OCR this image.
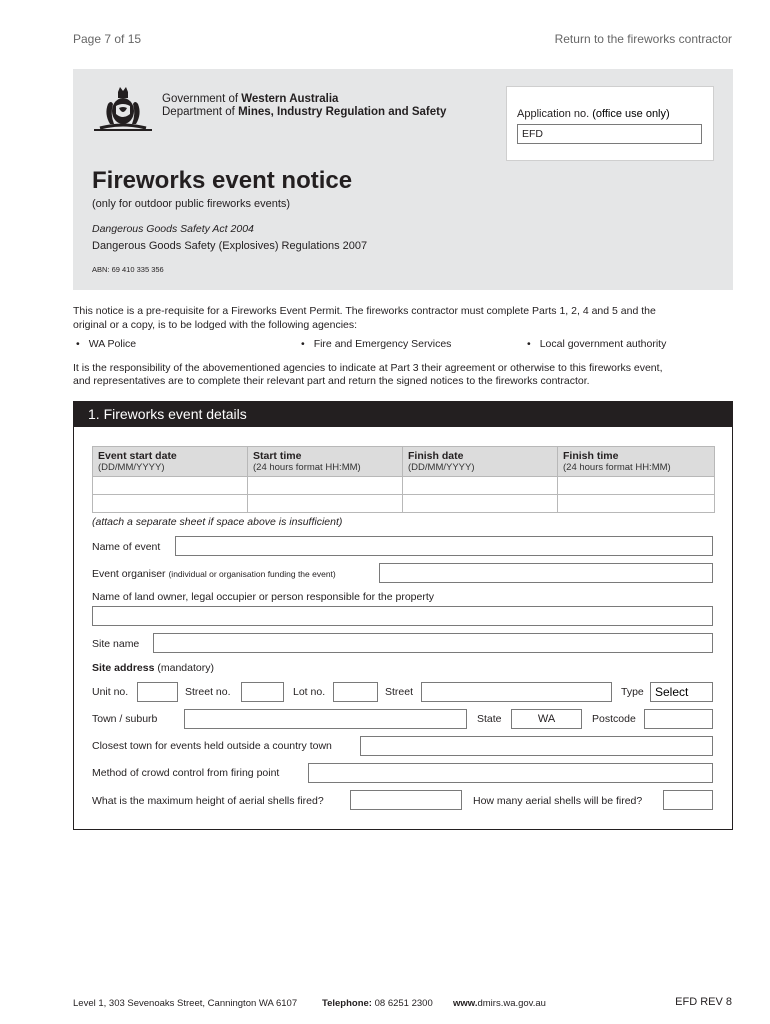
Page 7 of 15	Return to the fireworks contractor
Government of Western Australia
Department of Mines, Industry Regulation and Safety	Application no. (office use only)
EFD
Fireworks event notice
(only for outdoor public fireworks events)
Dangerous Goods Safety Act 2004
Dangerous Goods Safety (Explosives) Regulations 2007
ABN: 69 410 335 356
This notice is a pre-requisite for a Fireworks Event Permit. The fireworks contractor must complete Parts 1, 2, 4 and 5 and the
original or a copy, is to be lodged with the following agencies:
• WA Police	• Fire and Emergency Services	• Local government authority
It is the responsibility of the abovementioned agencies to indicate at Part 3 their agreement or otherwise to this fireworks event,
and representatives are to complete their relevant part and return the signed notices to the fireworks contractor.
1. Fireworks event details
Event start date
(DD/MM/YYYY)	Start time
(24 hours format HH:MM)	Finish date
(DD/MM/YYYY)	Finish time
(24 hours format HH:MM)

(attach a separate sheet if space above is insufficient)
Name of event
Event organiser (individual or organisation funding the event)
Name of land owner, legal occupier or person responsible for the property
Site name
Site address (mandatory)
Unit no.	Street no.	Lot no.	Street	Type Select
Town / suburb	State	WA	Postcode
Closest town for events held outside a country town
Method of crowd control from firing point
What is the maximum height of aerial shells fired?	How many aerial shells will be fired?
Level 1, 303 Sevenoaks Street, Cannington WA 6107	Telephone: 08 6251 2300 www.dmirs.wa.gov.au	EFD REV 8
